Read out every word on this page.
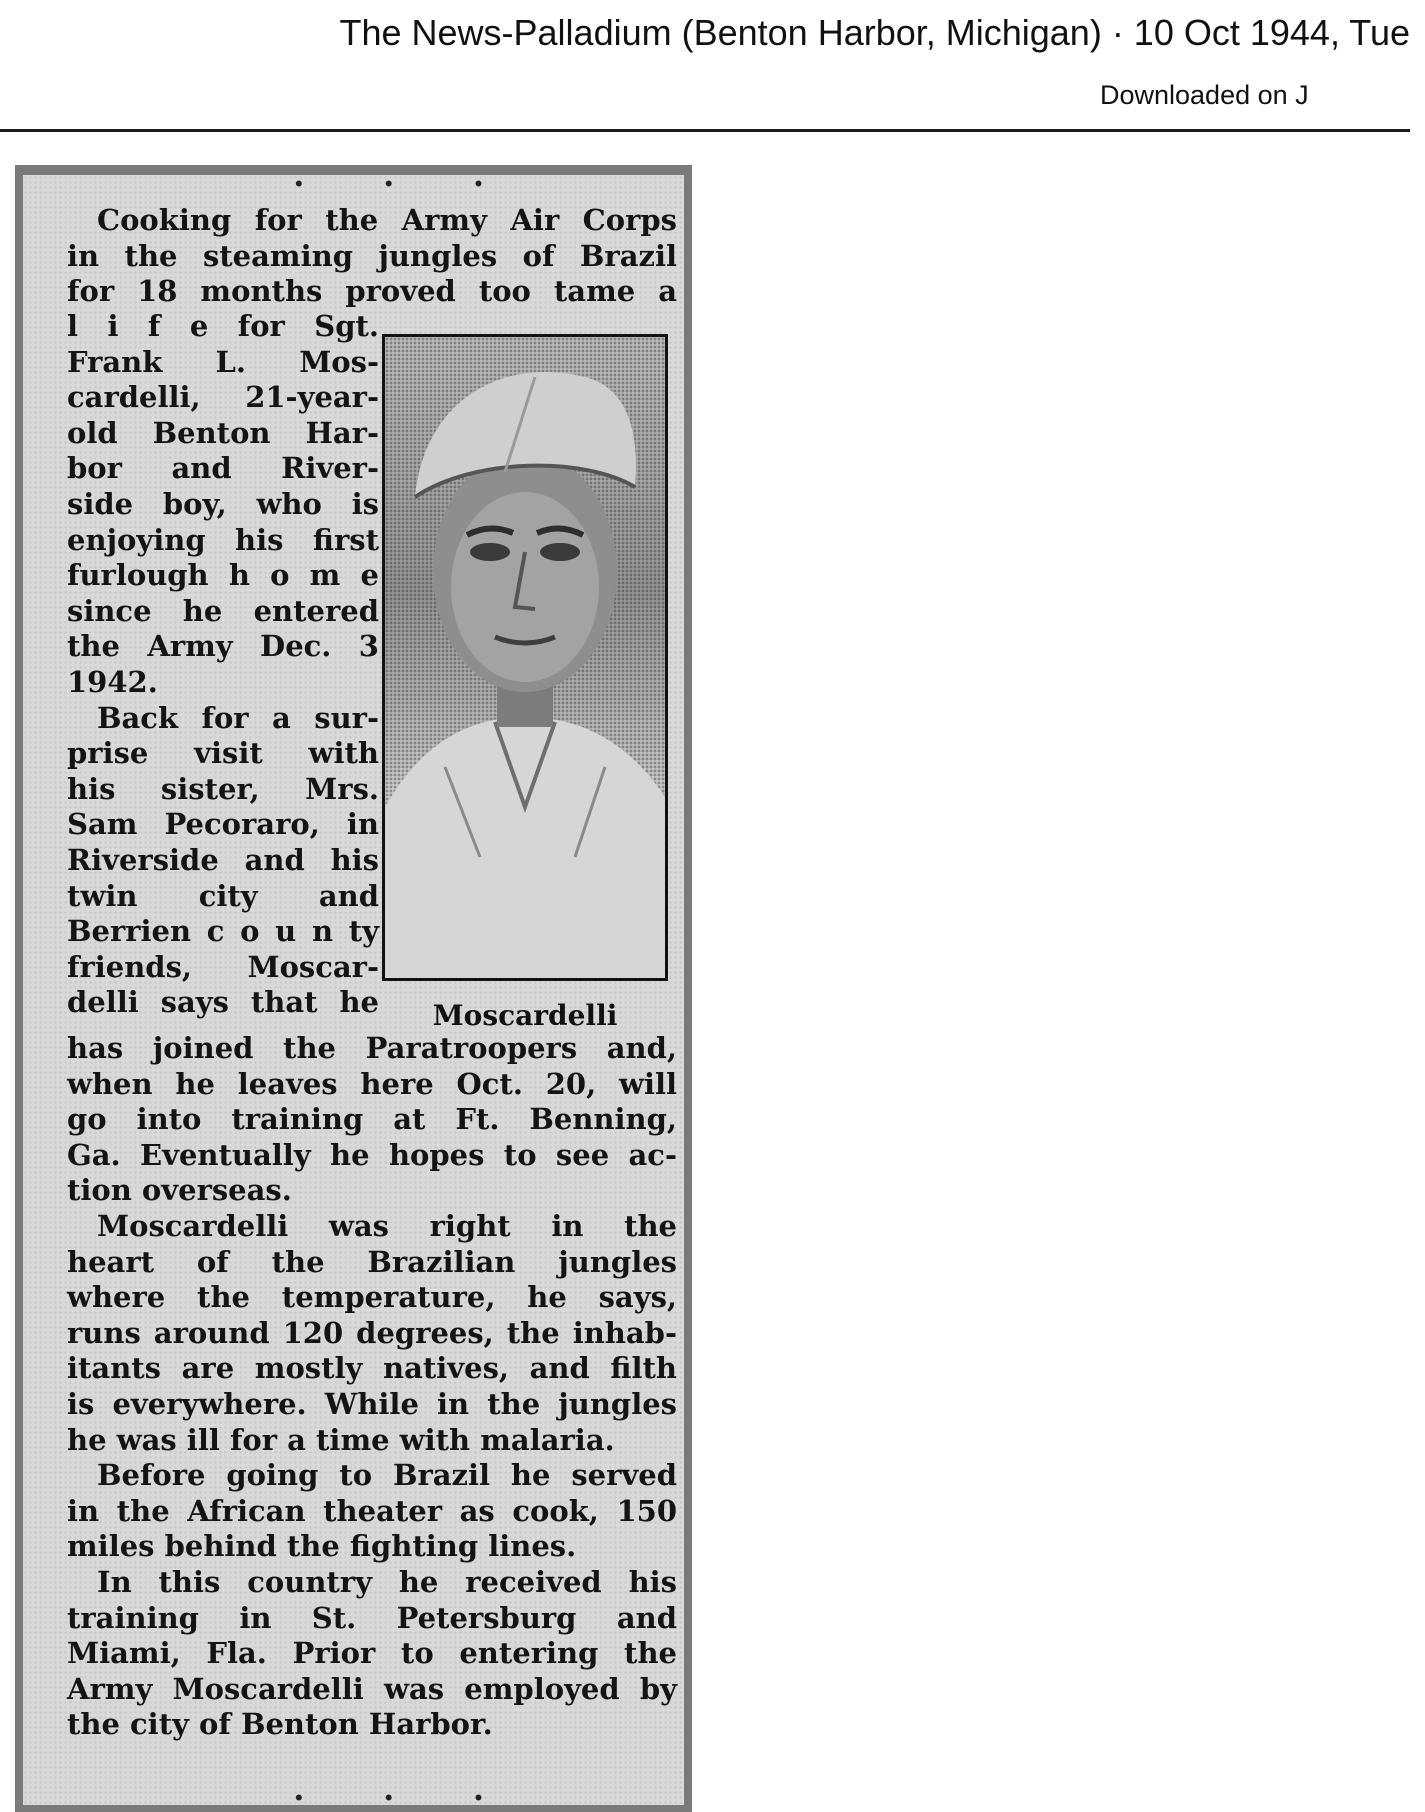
The News-Palladium (Benton Harbor, Michigan) · 10 Oct 1944, Tue
Downloaded on J
• • •
Cooking for the Army Air Corps
in the steaming jungles of Brazil
for 18 months proved too tame a
l i f e for Sgt.
Frank L. Mos-
cardelli, 21-year-
old Benton Har-
bor and River-
side boy, who is
enjoying his first
furlough h o m e
since he entered
the Army Dec. 3
1942.
Back for a sur-
prise visit with
his sister, Mrs.
Sam Pecoraro, in
Riverside and his
twin city and
Berrien c o u n ty
friends, Moscar-
delli says that he	Moscardelli
has joined the Paratroopers and,
when he leaves here Oct. 20, will
go into training at Ft. Benning,
Ga. Eventually he hopes to see ac-
tion overseas.
Moscardelli was right in the
heart of the Brazilian jungles
where the temperature, he says,
runs around 120 degrees, the inhab-
itants are mostly natives, and filth
is everywhere. While in the jungles
he was ill for a time with malaria.
Before going to Brazil he served
in the African theater as cook, 150
miles behind the fighting lines.
In this country he received his
training in St. Petersburg and
Miami, Fla. Prior to entering the
Army Moscardelli was employed by
the city of Benton Harbor.
• • •
